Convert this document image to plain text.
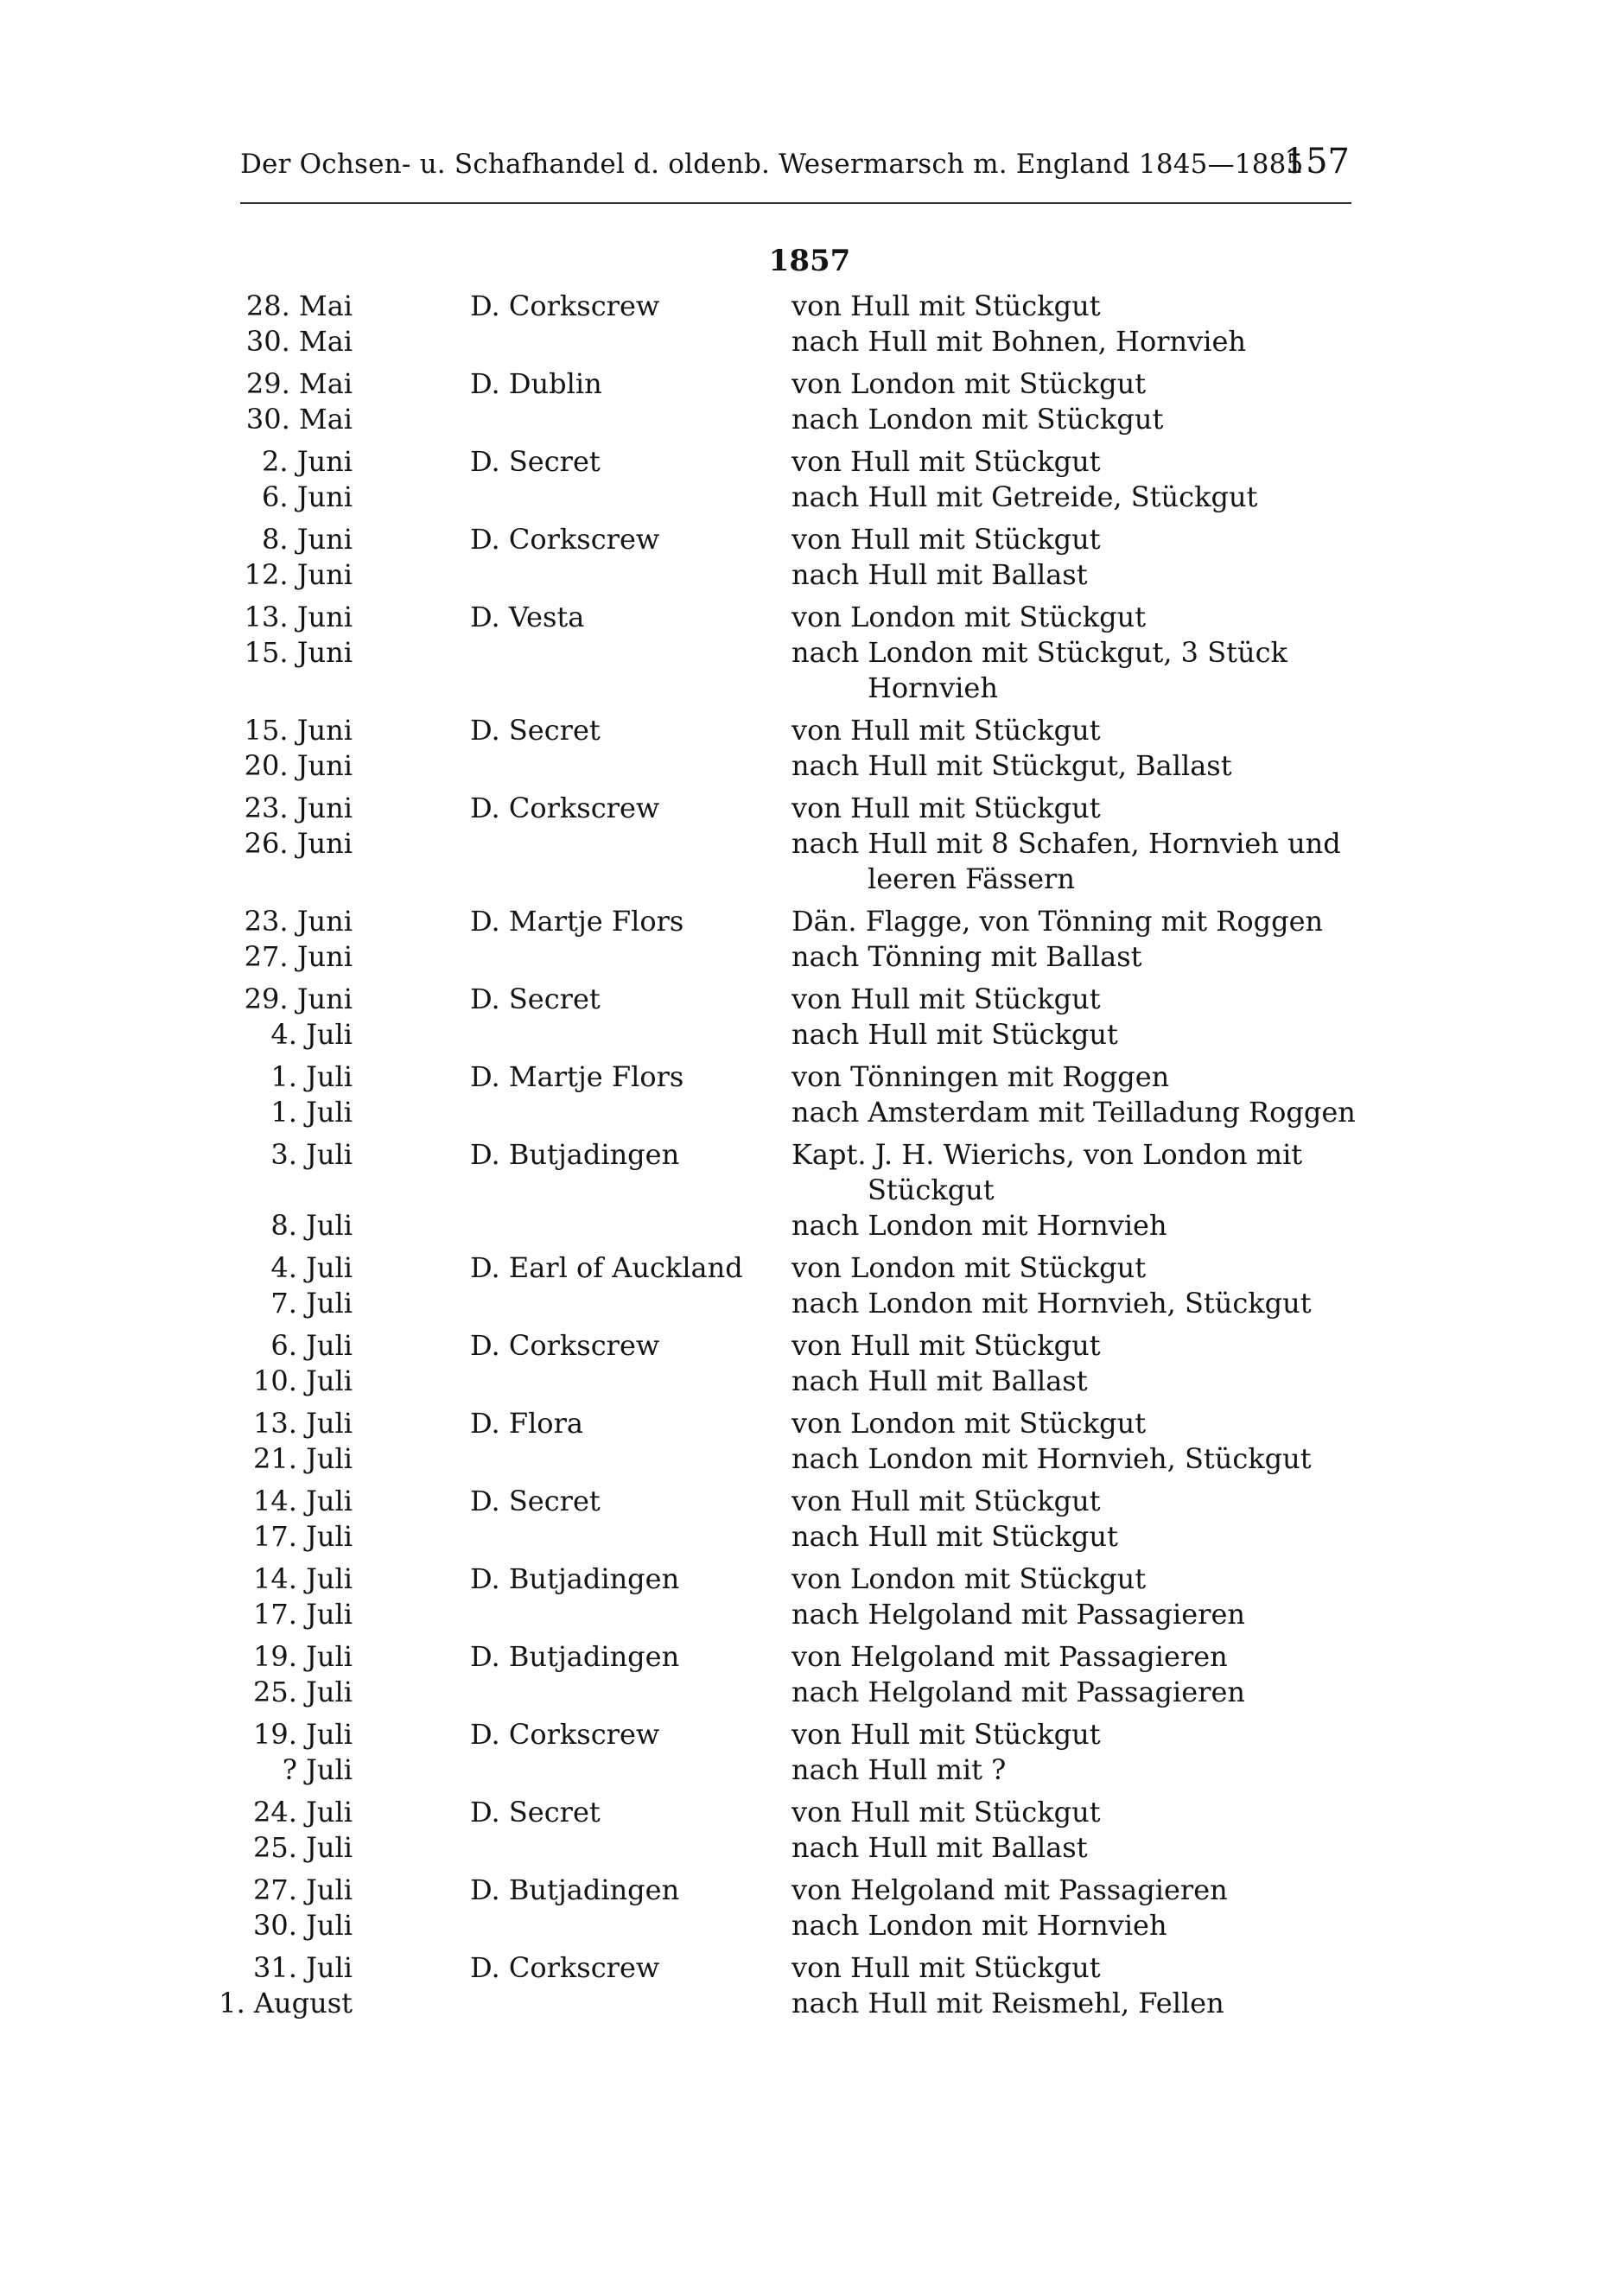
Der Ochsen- u. Schafhandel d. oldenb. Wesermarsch m. England 1845—1885
157
1857
28. Mai	D. Corkscrew	von Hull mit Stückgut
30. Mai	nach Hull mit Bohnen, Hornvieh
29. Mai	D. Dublin	von London mit Stückgut
30. Mai	nach London mit Stückgut
2. Juni	D. Secret	von Hull mit Stückgut
6. Juni	nach Hull mit Getreide, Stückgut
8. Juni	D. Corkscrew	von Hull mit Stückgut
12. Juni	nach Hull mit Ballast
13. Juni	D. Vesta	von London mit Stückgut
15. Juni	nach London mit Stückgut, 3 Stück
Hornvieh
15. Juni	D. Secret	von Hull mit Stückgut
20. Juni	nach Hull mit Stückgut, Ballast
23. Juni	D. Corkscrew	von Hull mit Stückgut
26. Juni	nach Hull mit 8 Schafen, Hornvieh und
leeren Fässern
23. Juni	D. Martje Flors	Dän. Flagge, von Tönning mit Roggen
27. Juni	nach Tönning mit Ballast
29. Juni	D. Secret	von Hull mit Stückgut
4. Juli	nach Hull mit Stückgut
1. Juli	D. Martje Flors	von Tönningen mit Roggen
1. Juli	nach Amsterdam mit Teilladung Roggen
3. Juli	D. Butjadingen	Kapt. J. H. Wierichs, von London mit
Stückgut
8. Juli	nach London mit Hornvieh
4. Juli	D. Earl of Auckland von London mit Stückgut
7. Juli	nach London mit Hornvieh, Stückgut
6. Juli	D. Corkscrew	von Hull mit Stückgut
10. Juli	nach Hull mit Ballast
13. Juli	D. Flora	von London mit Stückgut
21. Juli	nach London mit Hornvieh, Stückgut
14. Juli	D. Secret	von Hull mit Stückgut
17. Juli	nach Hull mit Stückgut
14. Juli	D. Butjadingen	von London mit Stückgut
17. Juli	nach Helgoland mit Passagieren
19. Juli	D. Butjadingen	von Helgoland mit Passagieren
25. Juli	nach Helgoland mit Passagieren
19. Juli	D. Corkscrew	von Hull mit Stückgut
? Juli	nach Hull mit ?
24. Juli	D. Secret	von Hull mit Stückgut
25. Juli	nach Hull mit Ballast
27. Juli	D. Butjadingen	von Helgoland mit Passagieren
30. Juli	nach London mit Hornvieh
31. Juli	D. Corkscrew	von Hull mit Stückgut
1. August	nach Hull mit Reismehl, Fellen
